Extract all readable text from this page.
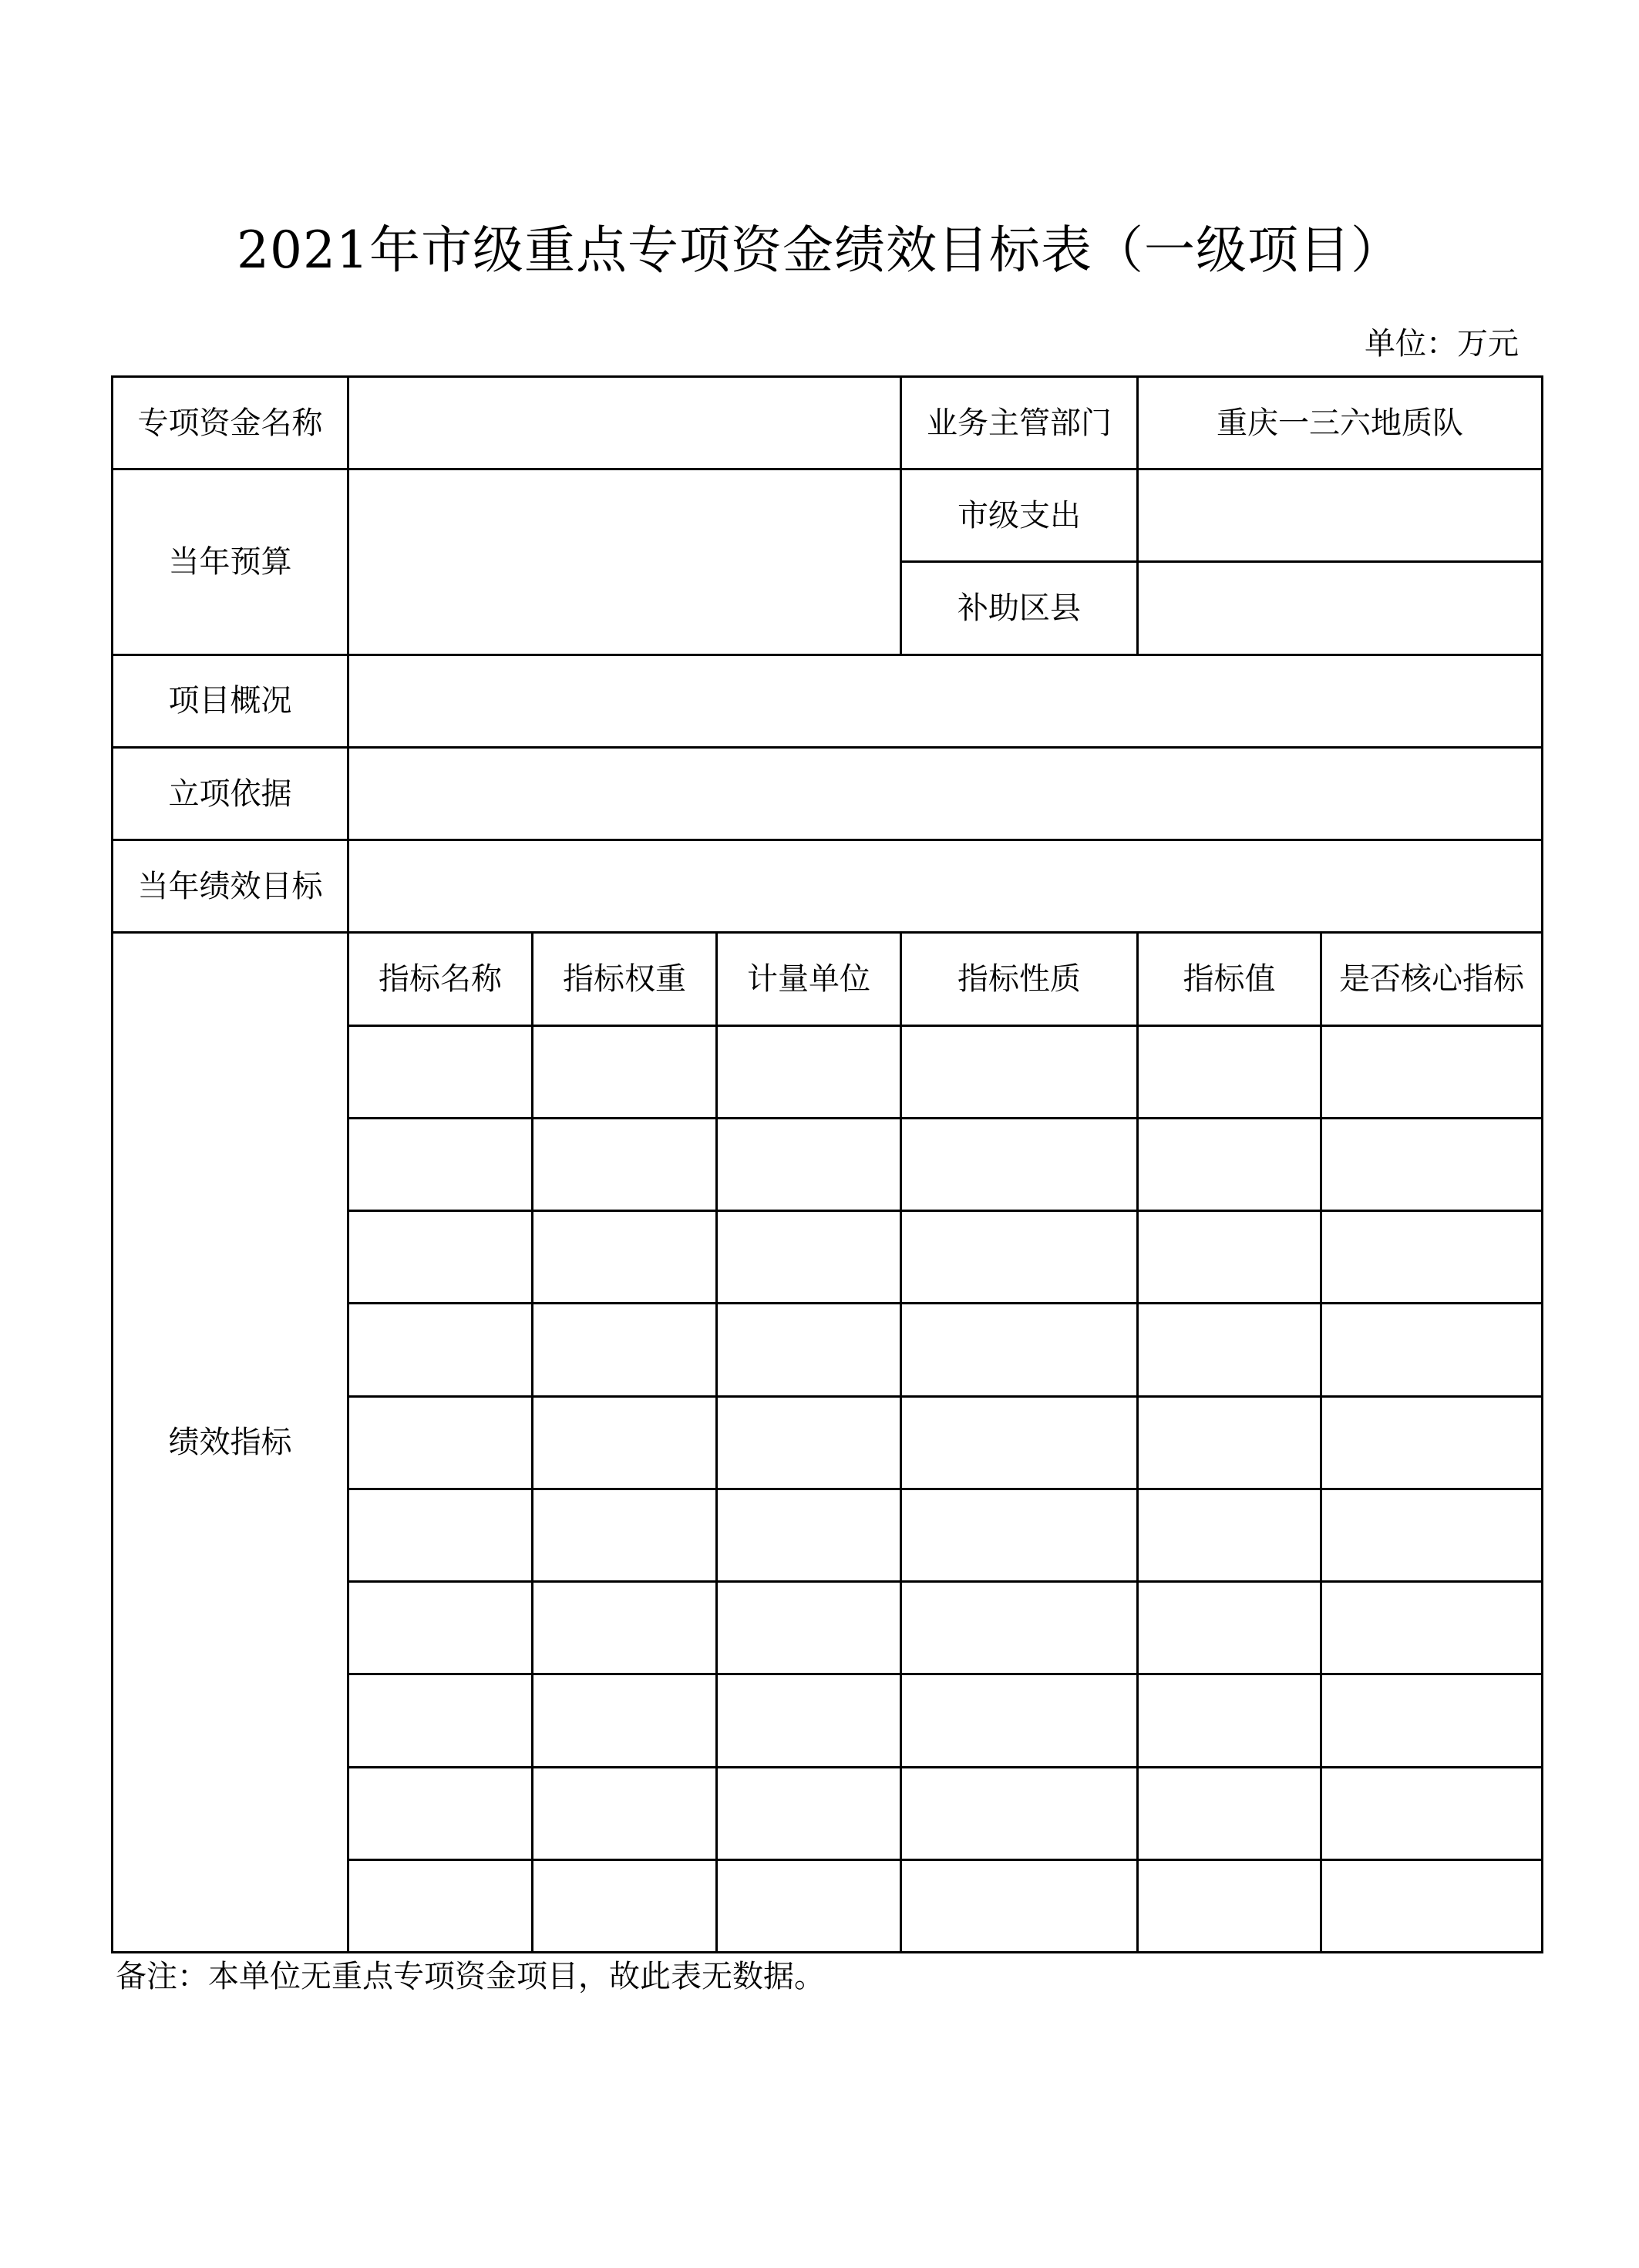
2021年市级重点专项资金绩效目标表（一级项目）
单位：万元
专项资金名称				业务主管部门	重庆一三六地质队	
当年预算				市级支出		
				补助区县		
项目概况						
立项依据						
当年绩效目标						
绩效指标	指标名称	指标权重	计量单位	指标性质	指标值	是否核心指标

备注：本单位无重点专项资金项目，故此表无数据。
